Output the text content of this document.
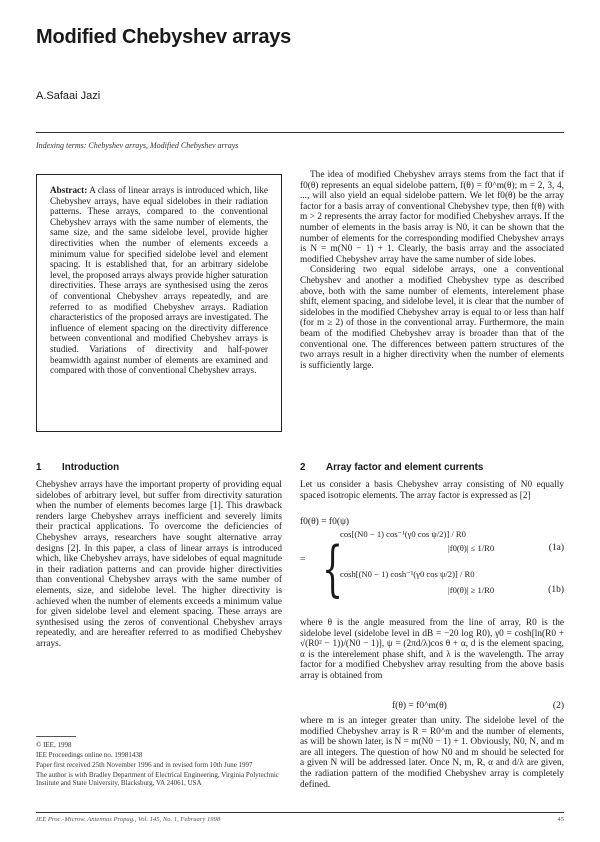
Modified Chebyshev arrays
A.Safaai Jazi
Indexing terms: Chebyshev arrays, Modified Chebyshev arrays
Abstract: A class of linear arrays is introduced which, like Chebyshev arrays, have equal sidelobes in their radiation patterns. These arrays, compared to the conventional Chebyshev arrays with the same number of elements, the same size, and the same sidelobe level, provide higher directivities when the number of elements exceeds a minimum value for specified sidelobe level and element spacing. It is established that, for an arbitrary sidelobe level, the proposed arrays always provide higher saturation directivities. These arrays are synthesised using the zeros of conventional Chebyshev arrays repeatedly, and are referred to as modified Chebyshev arrays. Radiation characteristics of the proposed arrays are investigated. The influence of element spacing on the directivity difference between conventional and modified Chebyshev arrays is studied. Variations of directivity and half-power beamwidth against number of elements are examined and compared with those of conventional Chebyshev arrays.
1 Introduction

Chebyshev arrays have the important property of providing equal sidelobes of arbitrary level, but suffer from directivity saturation when the number of elements becomes large [1]. This drawback renders large Chebyshev arrays inefficient and severely limits their practical applications. To overcome the deficiencies of Chebyshev arrays, researchers have sought alternative array designs [2]. In this paper, a class of linear arrays is introduced which, like Chebyshev arrays, have sidelobes of equal magnitude in their radiation patterns and can provide higher directivities than conventional Chebyshev arrays with the same number of elements, size, and sidelobe level. The higher directivity is achieved when the number of elements exceeds a minimum value for given sidelobe level and element spacing. These arrays are synthesised using the zeros of conventional Chebyshev arrays repeatedly, and are hereafter referred to as modified Chebyshev arrays.

© IEE, 1998

IEE Proceedings online no. 19981438

Paper first received 25th November 1996 and in revised form 10th June 1997

The author is with Bradley Department of Electrical Engineering, Virginia Polytechnic Institute and State University, Blacksburg, VA 24061, USA

The idea of modified Chebyshev arrays stems from the fact that if f0(θ) represents an equal sidelobe pattern, f(θ) = f0^m(θ); m = 2, 3, 4, ..., will also yield an equal sidelobe pattern. We let f0(θ) be the array factor for a basis array of conventional Chebyshev type, then f(θ) with m > 2 represents the array factor for modified Chebyshev arrays. If the number of elements in the basis array is N0, it can be shown that the number of elements for the corresponding modified Chebyshev arrays is N = m(N0 − 1) + 1. Clearly, the basis array and the associated modified Chebyshev array have the same number of side lobes.

Considering two equal sidelobe arrays, one a conventional Chebyshev and another a modified Chebyshev type as described above, both with the same number of elements, interelement phase shift, element spacing, and sidelobe level, it is clear that the number of sidelobes in the modified Chebyshev array is equal to or less than half (for m ≥ 2) of those in the conventional array. Furthermore, the main beam of the modified Chebyshev array is broader than that of the conventional one. The differences between pattern structures of the two arrays result in a higher directivity when the number of elements is sufficiently large.

2 Array factor and element currents

Let us consider a basis Chebyshev array consisting of N0 equally spaced isotropic elements. The array factor is expressed as [2]

f0(θ) = f0(ψ)
= {
cos[(N0 − 1) cos⁻¹(γ0 cos ψ/2)] / R0
|f0(θ)| ≤ 1/R0	(1a)
cosh[(N0 − 1) cosh⁻¹(γ0 cos ψ/2)] / R0
|f0(θ)| ≥ 1/R0	(1b)

where θ is the angle measured from the line of array, R0 is the sidelobe level (sidelobe level in dB = −20 log R0), γ0 = cosh[ln(R0 + √(R0² − 1))/(N0 − 1)], ψ = (2πd/λ)cos θ + α, d is the element spacing, α is the interelement phase shift, and λ is the wavelength. The array factor for a modified Chebyshev array resulting from the above basis array is obtained from

f(θ) = f0^m(θ)	(2)

where m is an integer greater than unity. The sidelobe level of the modified Chebyshev array is R = R0^m and the number of elements, as will be shown later, is N = m(N0 − 1) + 1. Obviously, N0, N, and m are all integers. The question of how N0 and m should be selected for a given N will be addressed later. Once N, m, R, α and d/λ are given, the radiation pattern of the modified Chebyshev array is completely defined.

IEE Proc.-Microw. Antennas Propag., Vol. 145, No. 1, February 1998	45
